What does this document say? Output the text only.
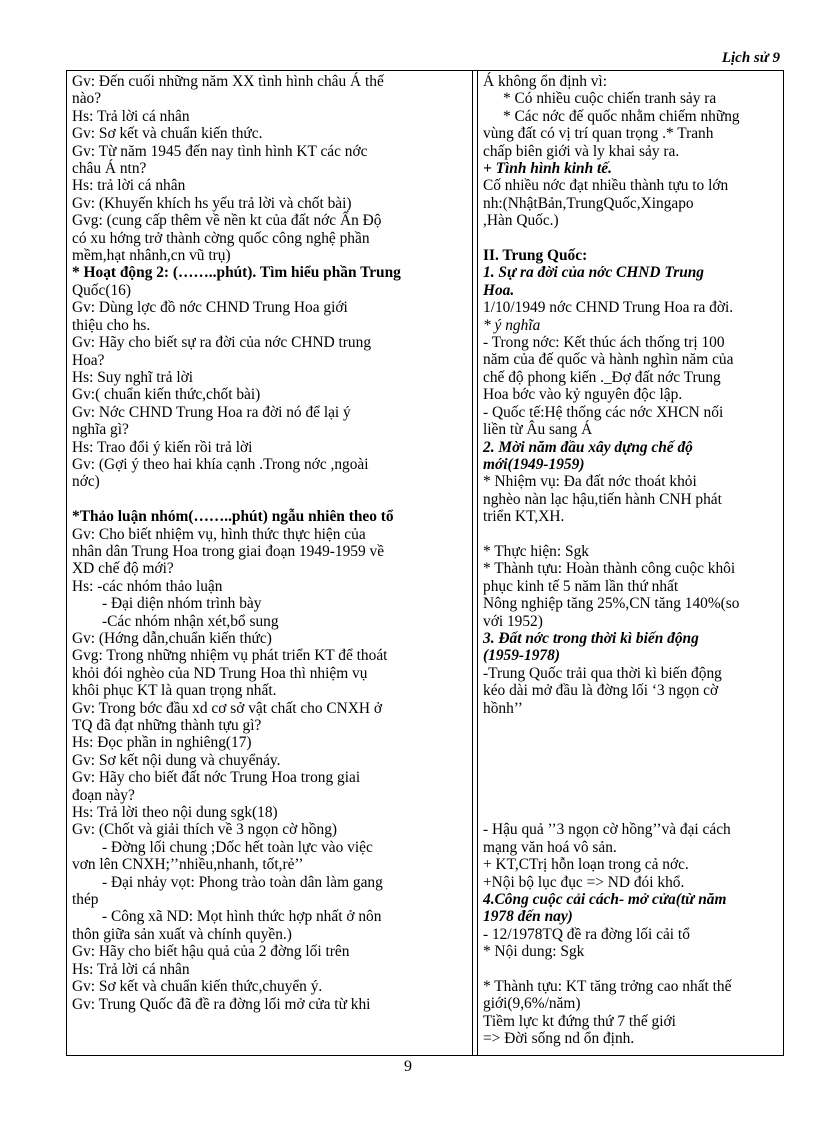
Lịch sử 9
Gv: Đến cuối những năm XX tình hình châu Á thế
nào?
Hs: Trả lời cá nhân
Gv: Sơ kết và chuẩn kiến thức.
Gv: Từ năm 1945 đến nay tình hình KT các nớc
châu Á ntn?
Hs: trả lời cá nhân
Gv: (Khuyến khích hs yếu trả lời và chốt bài)
Gvg: (cung cấp thêm về nền kt của đất nớc Ấn Độ
có xu hớng trở thành cờng quốc công nghệ phần
mềm,hạt nhânh,cn vũ trụ)
* Hoạt động 2: (……..phút). Tìm hiểu phần Trung
Quốc(16)
Gv: Dùng lợc đồ nớc CHND Trung Hoa giới
thiệu cho hs.
Gv: Hãy cho biết sự ra đời của nớc CHND trung
Hoa?
Hs: Suy nghĩ trả lời
Gv:( chuẩn kiến thức,chốt bài)
Gv: Nớc CHND Trung Hoa ra đời nó để lại ý
nghĩa gì?
Hs: Trao đổi ý kiến rồi trả lời
Gv: (Gợi ý theo hai khía cạnh .Trong nớc ,ngoài
nớc)
*Thảo luận nhóm(……..phút) ngẫu nhiên theo tổ
Gv: Cho biết nhiệm vụ, hình thức thực hiện của
nhân dân Trung Hoa trong giai đoạn 1949-1959 về
XD chế độ mới?
Hs: -các nhóm thảo luận
- Đại diện nhóm trình bày
-Các nhóm nhận xét,bổ sung
Gv: (Hớng dẫn,chuẩn kiến thức)
Gvg: Trong những nhiệm vụ phát triển KT để thoát
khỏi đói nghèo của ND Trung Hoa thì nhiệm vụ
khôi phục KT là quan trọng nhất.
Gv: Trong bớc đầu xd cơ sở vật chất cho CNXH ở
TQ đã đạt những thành tựu gì?
Hs: Đọc phần in nghiêng(17)
Gv: Sơ kết nội dung và chuyểnáy.
Gv: Hãy cho biết đất nớc Trung Hoa trong giai
đoạn này?
Hs: Trả lời theo nội dung sgk(18)
Gv: (Chốt và giải thích về 3 ngọn cờ hồng)
- Đờng lối chung ;Dốc hết toàn lực vào việc
vơn lên CNXH;’’nhiều,nhanh, tốt,rẻ’’
- Đại nhảy vọt: Phong trào toàn dân làm gang
thép
- Công xã ND: Mọt hình thức hợp nhất ở nôn
thôn giữa sản xuất và chính quyền.)
Gv: Hãy cho biết hậu quả của 2 đờng lối trên
Hs: Trả lời cá nhân
Gv: Sơ kết và chuẩn kiến thức,chuyển ý.
Gv: Trung Quốc đã đề ra đờng lối mở cửa từ khi
Á không ổn định vì:
* Có nhiều cuộc chiến tranh sảy ra
* Các nớc đế quốc nhằm chiếm những
vùng đất có vị trí quan trọng .* Tranh
chấp biên giới và ly khai sảy ra.
+ Tình hình kinh tế.
Cố nhiều nớc đạt nhiều thành tựu to lớn
nh:(NhậtBản,TrungQuốc,Xingapo
,Hàn Quốc.)
II. Trung Quốc:
1. Sự ra đời của nớc CHND Trung
Hoa.
1/10/1949 nớc CHND Trung Hoa ra đời.
* ý nghĩa
- Trong nớc: Kết thúc ách thống trị 100
năm của đế quốc và hành nghìn năm của
chế độ phong kiến ._Đợ đất nớc Trung
Hoa bớc vào kỷ nguyên độc lập.
- Quốc tế:Hệ thống các nớc XHCN nối
liền từ Âu sang Á
2. Mời năm đầu xây dựng chế độ
mới(1949-1959)
* Nhiệm vụ: Đa đất nớc thoát khỏi
nghèo nàn lạc hậu,tiến hành CNH phát
triển KT,XH.
* Thực hiện: Sgk
* Thành tựu: Hoàn thành công cuộc khôi
phục kinh tế 5 năm lần thứ nhất
Nông nghiệp tăng 25%,CN tăng 140%(so
với 1952)
3. Đất nớc trong thời kì biến động
(1959-1978)
-Trung Quốc trải qua thời kì biến động
kéo dài mở đầu là đờng lối ‘3 ngọn cờ
hồnh’’
- Hậu quả ’’3 ngọn cờ hồng’’và đại cách
mạng văn hoá vô sản.
+ KT,CTrị hỗn loạn trong cả nớc.
+Nội bộ lục đục => ND đói khổ.
4.Công cuộc cải cách- mở cửa(từ năm
1978 đến nay)
- 12/1978TQ đề ra đờng lối cải tổ
* Nội dung: Sgk
* Thành tựu: KT tăng trởng cao nhất thế
giới(9,6%/năm)
Tiềm lực kt đứng thứ 7 thế giới
=> Đời sống nd ổn định.
9
